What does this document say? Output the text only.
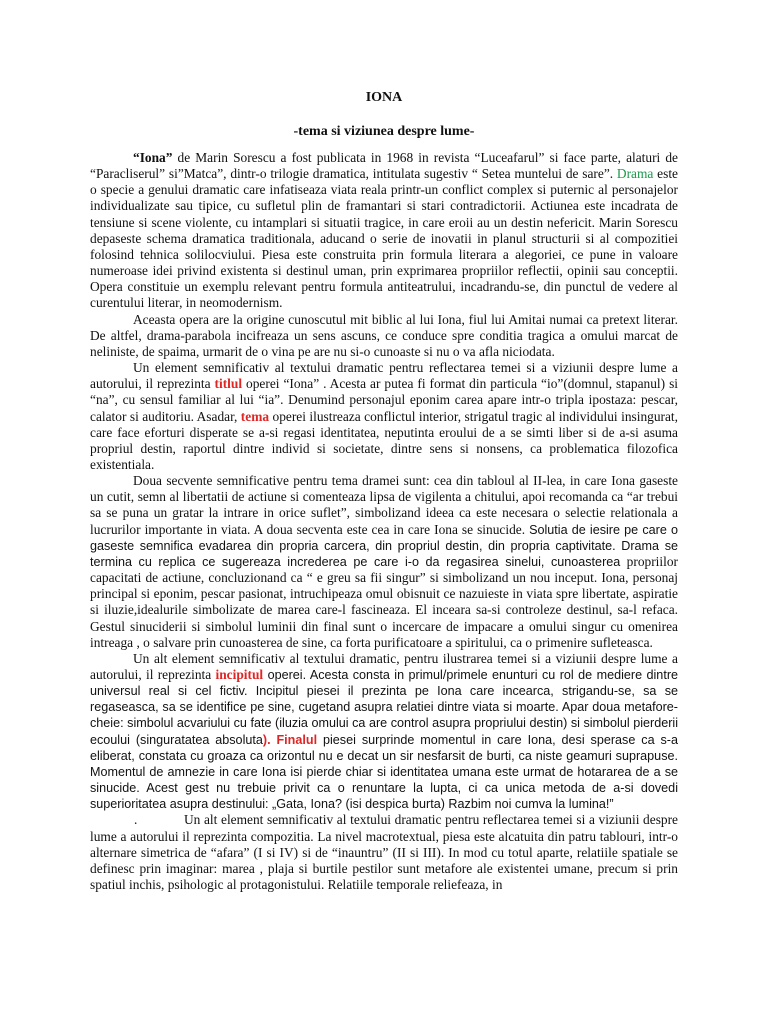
IONA
-tema si viziunea despre lume-

“Iona” de Marin Sorescu a fost publicata in 1968 in revista “Luceafarul” si face parte, alaturi de “Paracliserul” si”Matca”, dintr-o trilogie dramatica, intitulata sugestiv “ Setea muntelui de sare”. Drama este o specie a genului dramatic care infatiseaza viata reala printr-un conflict complex si puternic al personajelor individualizate sau tipice, cu sufletul plin de framantari si stari contradictorii. Actiunea este incadrata de tensiune si scene violente, cu intamplari si situatii tragice, in care eroii au un destin nefericit. Marin Sorescu depaseste schema dramatica traditionala, aducand o serie de inovatii in planul structurii si al compozitiei folosind tehnica solilocviului. Piesa este construita prin formula literara a alegoriei, ce pune in valoare numeroase idei privind existenta si destinul uman, prin exprimarea propriilor reflectii, opinii sau conceptii. Opera constituie un exemplu relevant pentru formula antiteatrului, incadrandu-se, din punctul de vedere al curentului literar, in neomodernism.

Aceasta opera are la origine cunoscutul mit biblic al lui Iona, fiul lui Amitai numai ca pretext literar. De altfel, drama-parabola incifreaza un sens ascuns, ce conduce spre conditia tragica a omului marcat de neliniste, de spaima, urmarit de o vina pe are nu si-o cunoaste si nu o va afla niciodata.

Un element semnificativ al textului dramatic pentru reflectarea temei si a viziunii despre lume a autorului, il reprezinta titlul operei “Iona” . Acesta ar putea fi format din particula “io”(domnul, stapanul) si “na”, cu sensul familiar al lui “ia”. Denumind personajul eponim carea apare intr-o tripla ipostaza: pescar, calator si auditoriu. Asadar, tema operei ilustreaza conflictul interior, strigatul tragic al individului insingurat, care face eforturi disperate se a-si regasi identitatea, neputinta eroului de a se simti liber si de a-si asuma propriul destin, raportul dintre individ si societate, dintre sens si nonsens, ca problematica filozofica existentiala.

Doua secvente semnificative pentru tema dramei sunt: cea din tabloul al II-lea, in care Iona gaseste un cutit, semn al libertatii de actiune si comenteaza lipsa de vigilenta a chitului, apoi recomanda ca “ar trebui sa se puna un gratar la intrare in orice suflet”, simbolizand ideea ca este necesara o selectie relationala a lucrurilor importante in viata. A doua secventa este cea in care Iona se sinucide. Solutia de iesire pe care o gaseste semnifica evadarea din propria carcera, din propriul destin, din propria captivitate. Drama se termina cu replica ce sugereaza increderea pe care i-o da regasirea sinelui, cunoasterea propriilor capacitati de actiune, concluzionand ca “ e greu sa fii singur” si simbolizand un nou inceput. Iona, personaj principal si eponim, pescar pasionat, intruchipeaza omul obisnuit ce nazuieste in viata spre libertate, aspiratie si iluzie,idealurile simbolizate de marea care-l fascineaza. El inceara sa-si controleze destinul, sa-l refaca. Gestul sinuciderii si simbolul luminii din final sunt o incercare de impacare a omului singur cu omenirea intreaga , o salvare prin cunoasterea de sine, ca forta purificatoare a spiritului, ca o primenire sufleteasca.

Un alt element semnificativ al textului dramatic, pentru ilustrarea temei si a viziunii despre lume a autorului, il reprezinta incipitul operei. Acesta consta in primul/primele enunturi cu rol de mediere dintre universul real si cel fictiv. Incipitul piesei il prezinta pe Iona care incearca, strigandu-se, sa se regaseasca, sa se identifice pe sine, cugetand asupra relatiei dintre viata si moarte. Apar doua metafore-cheie: simbolul acvariului cu fate (iluzia omului ca are control asupra propriului destin) si simbolul pierderii ecoului (singuratatea absoluta). Finalul piesei surprinde momentul in care Iona, desi sperase ca s-a eliberat, constata cu groaza ca orizontul nu e decat un sir nesfarsit de burti, ca niste geamuri suprapuse. Momentul de amnezie in care Iona isi pierde chiar si identitatea umana este urmat de hotararea de a se sinucide. Acest gest nu trebuie privit ca o renuntare la lupta, ci ca unica metoda de a-si dovedi superioritatea asupra destinului: „Gata, Iona? (isi despica burta) Razbim noi cumva la lumina!”

.	Un alt element semnificativ al textului dramatic pentru reflectarea temei si a viziunii despre lume a autorului il reprezinta compozitia. La nivel macrotextual, piesa este alcatuita din patru tablouri, intr-o alternare simetrica de “afara” (I si IV) si de “inauntru” (II si III). In mod cu totul aparte, relatiile spatiale se definesc prin imaginar: marea , plaja si burtile pestilor sunt metafore ale existentei umane, precum si prin spatiul inchis, psihologic al protagonistului. Relatiile temporale reliefeaza, in
